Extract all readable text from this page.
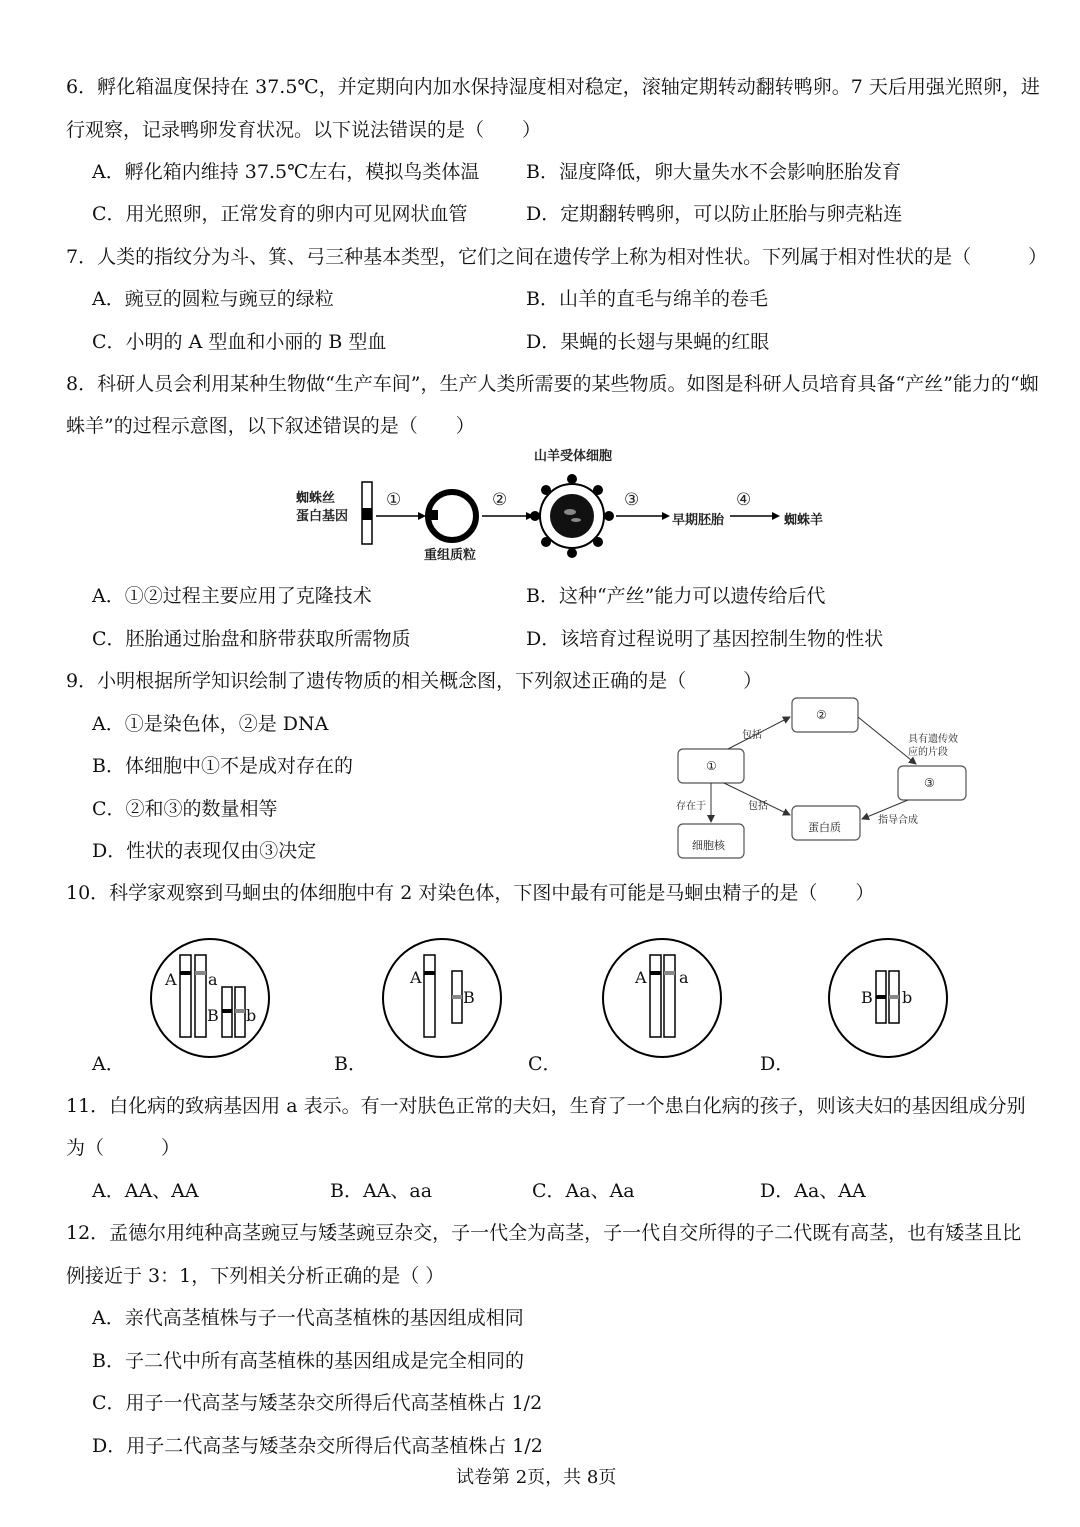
6．孵化箱温度保持在 37.5℃，并定期向内加水保持湿度相对稳定，滚轴定期转动翻转鸭卵。7 天后用强光照卵，进
行观察，记录鸭卵发育状况。以下说法错误的是（　　）
A．孵化箱内维持 37.5℃左右，模拟鸟类体温 B．湿度降低，卵大量失水不会影响胚胎发育
C．用光照卵，正常发育的卵内可见网状血管	D．定期翻转鸭卵，可以防止胚胎与卵壳粘连
7．人类的指纹分为斗、箕、弓三种基本类型，它们之间在遗传学上称为相对性状。下列属于相对性状的是（　　　）
A．豌豆的圆粒与豌豆的绿粒	B．山羊的直毛与绵羊的卷毛
C．小明的 A 型血和小丽的 B 型血	D．果蝇的长翅与果蝇的红眼
8．科研人员会利用某种生物做“生产车间”，生产人类所需要的某些物质。如图是科研人员培育具备“产丝”能力的“蜘
蛛羊”的过程示意图，以下叙述错误的是（　　）
蜘蛛丝
蛋白基因
①	②	③	④
重组质粒
山羊受体细胞
早期胚胎	蜘蛛羊
A．①②过程主要应用了克隆技术	B．这种“产丝”能力可以遗传给后代
C．胚胎通过胎盘和脐带获取所需物质	D．该培育过程说明了基因控制生物的性状
9．小明根据所学知识绘制了遗传物质的相关概念图，下列叙述正确的是（　　　）
A．①是染色体，②是 DNA
B．体细胞中①不是成对存在的
C．②和③的数量相等
D．性状的表现仅由③决定
①
②
③
蛋白质
细胞核
包括
包括
存在于
具有遗传效
应的片段
指导合成
10．科学家观察到马蛔虫的体细胞中有 2 对染色体，下图中最有可能是马蛔虫精子的是（　　）
A a
B b
A
B
A a
B b
A．	B．	C．	D．
11．白化病的致病基因用 a 表示。有一对肤色正常的夫妇，生育了一个患白化病的孩子，则该夫妇的基因组成分别
为（　　　）
A．AA、AA	B．AA、aa	C．Aa、Aa	D．Aa、AA
12．孟德尔用纯种高茎豌豆与矮茎豌豆杂交，子一代全为高茎，子一代自交所得的子二代既有高茎，也有矮茎且比
例接近于 3：1，下列相关分析正确的是（ ）
A．亲代高茎植株与子一代高茎植株的基因组成相同
B．子二代中所有高茎植株的基因组成是完全相同的
C．用子一代高茎与矮茎杂交所得后代高茎植株占 1/2
D．用子二代高茎与矮茎杂交所得后代高茎植株占 1/2
试卷第 2页，共 8页
